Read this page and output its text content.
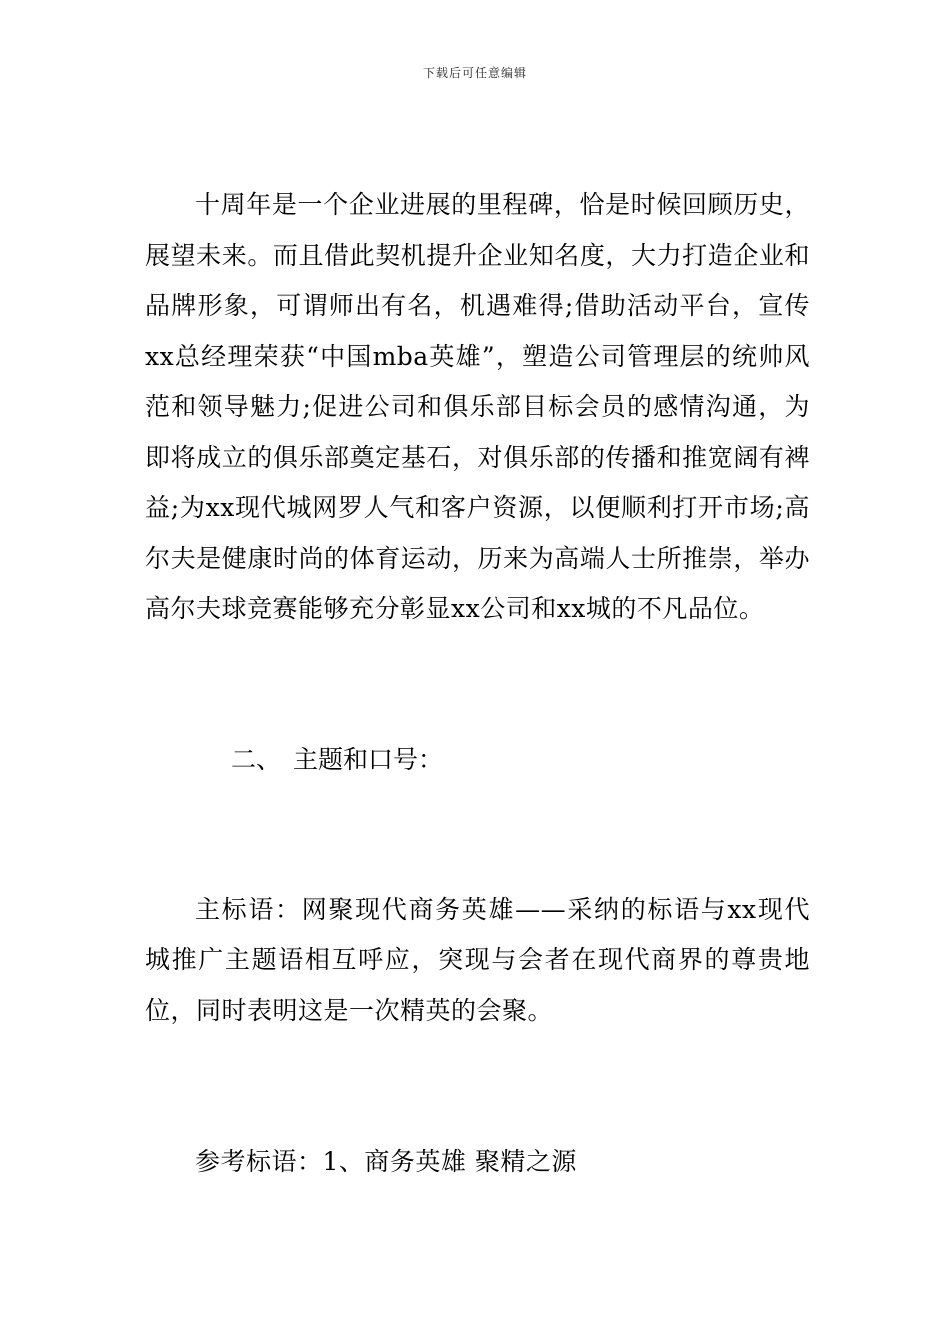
下载后可任意编辑

十周年是一个企业进展的里程碑，恰是时候回顾历史，展望未来。而且借此契机提升企业知名度，大力打造企业和品牌形象，可谓师出有名，机遇难得;借助活动平台，宣传xx总经理荣获“中国mba英雄”，塑造公司管理层的统帅风范和领导魅力;促进公司和俱乐部目标会员的感情沟通，为即将成立的俱乐部奠定基石，对俱乐部的传播和推宽阔有裨益;为xx现代城网罗人气和客户资源，以便顺利打开市场;高尔夫是健康时尚的体育运动，历来为高端人士所推崇，举办高尔夫球竞赛能够充分彰显xx公司和xx城的不凡品位。

二、 主题和口号：

主标语：网聚现代商务英雄——采纳的标语与xx现代城推广主题语相互呼应，突现与会者在现代商界的尊贵地位，同时表明这是一次精英的会聚。

参考标语：1、商务英雄 聚精之源
